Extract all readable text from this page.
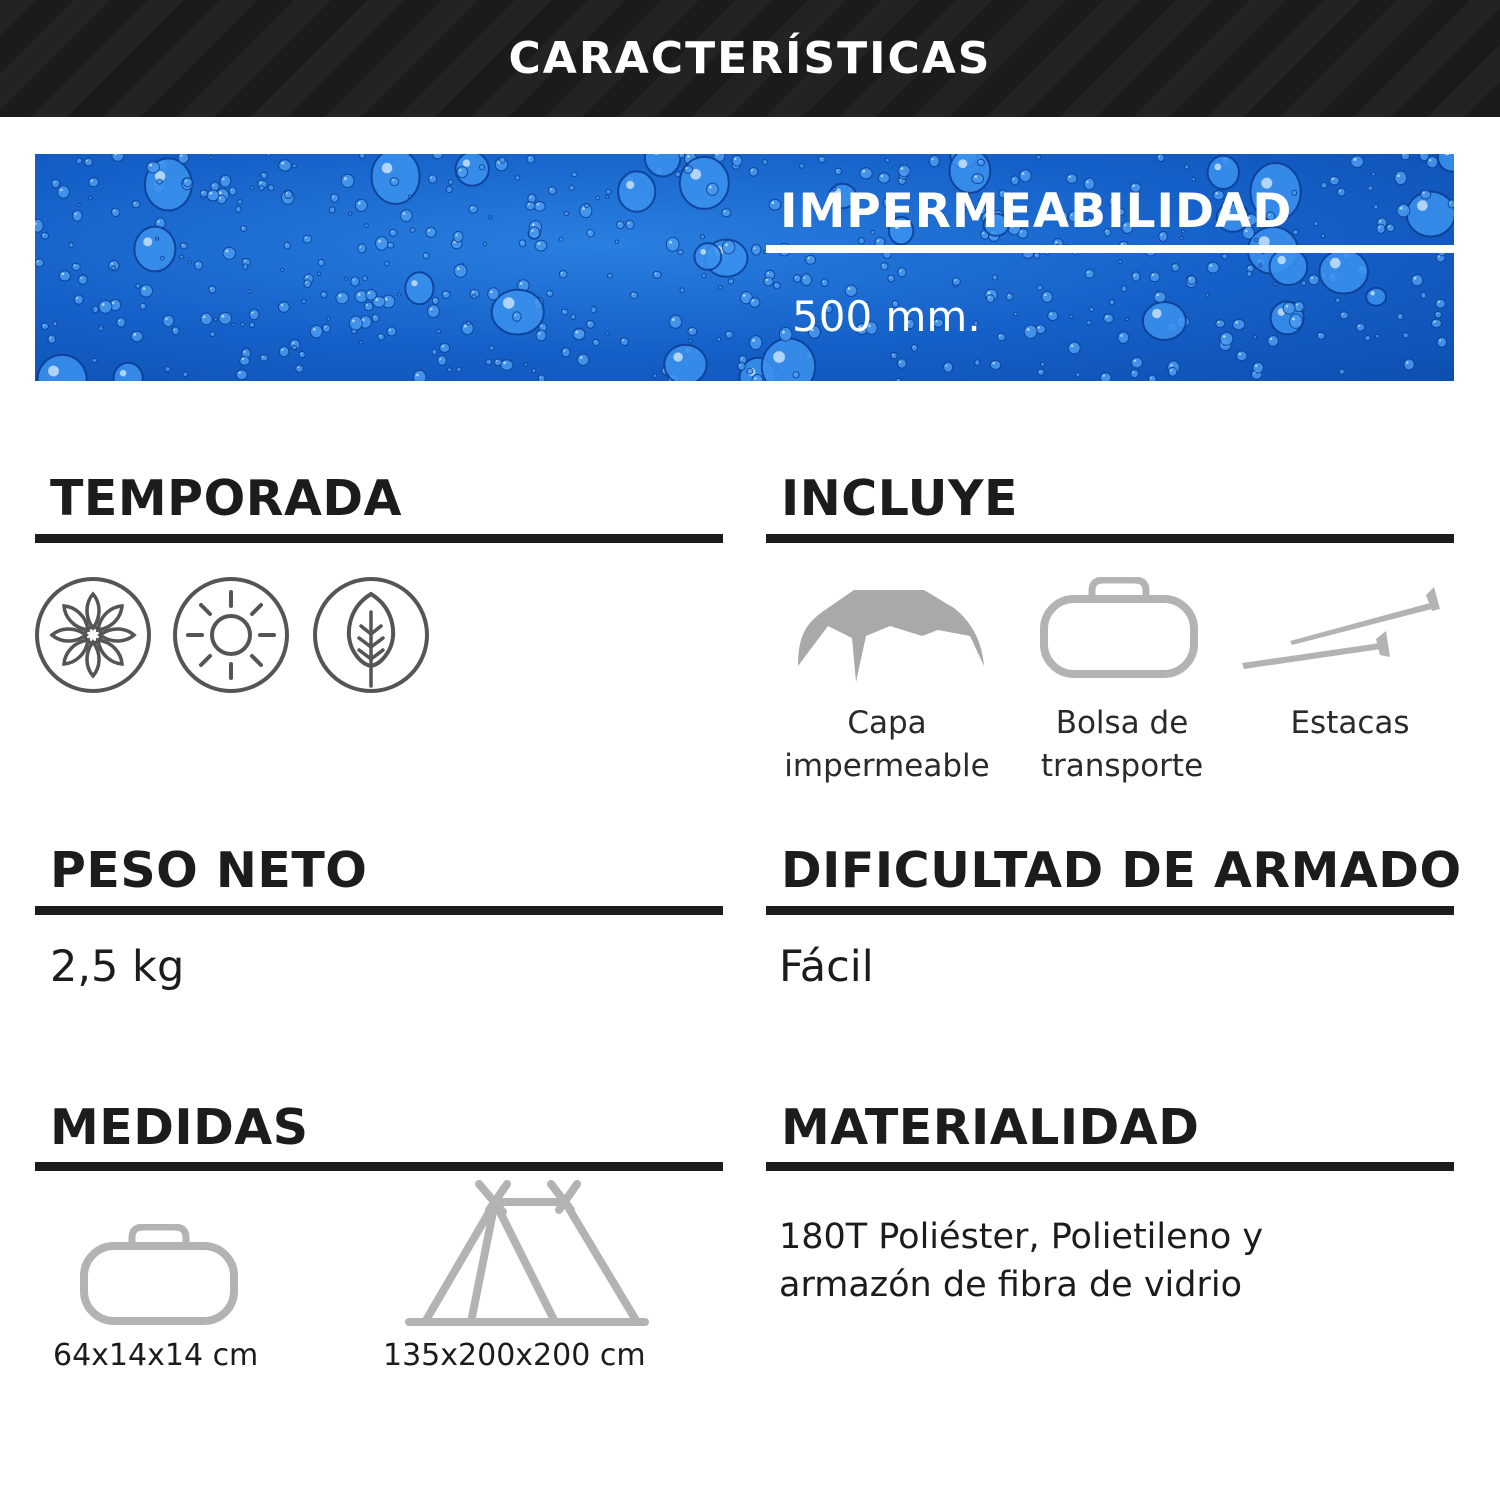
CARACTERÍSTICAS
IMPERMEABILIDAD
500 mm.
TEMPORADA	INCLUYE
Capa
impermeable
Bolsa de
transporte
Estacas
PESO NETO
2,5 kg
DIFICULTAD DE ARMADO
Fácil
MEDIDAS
64x14x14 cm	135x200x200 cm
MATERIALIDAD
180T Poliéster, Polietileno y
armazón de fibra de vidrio
